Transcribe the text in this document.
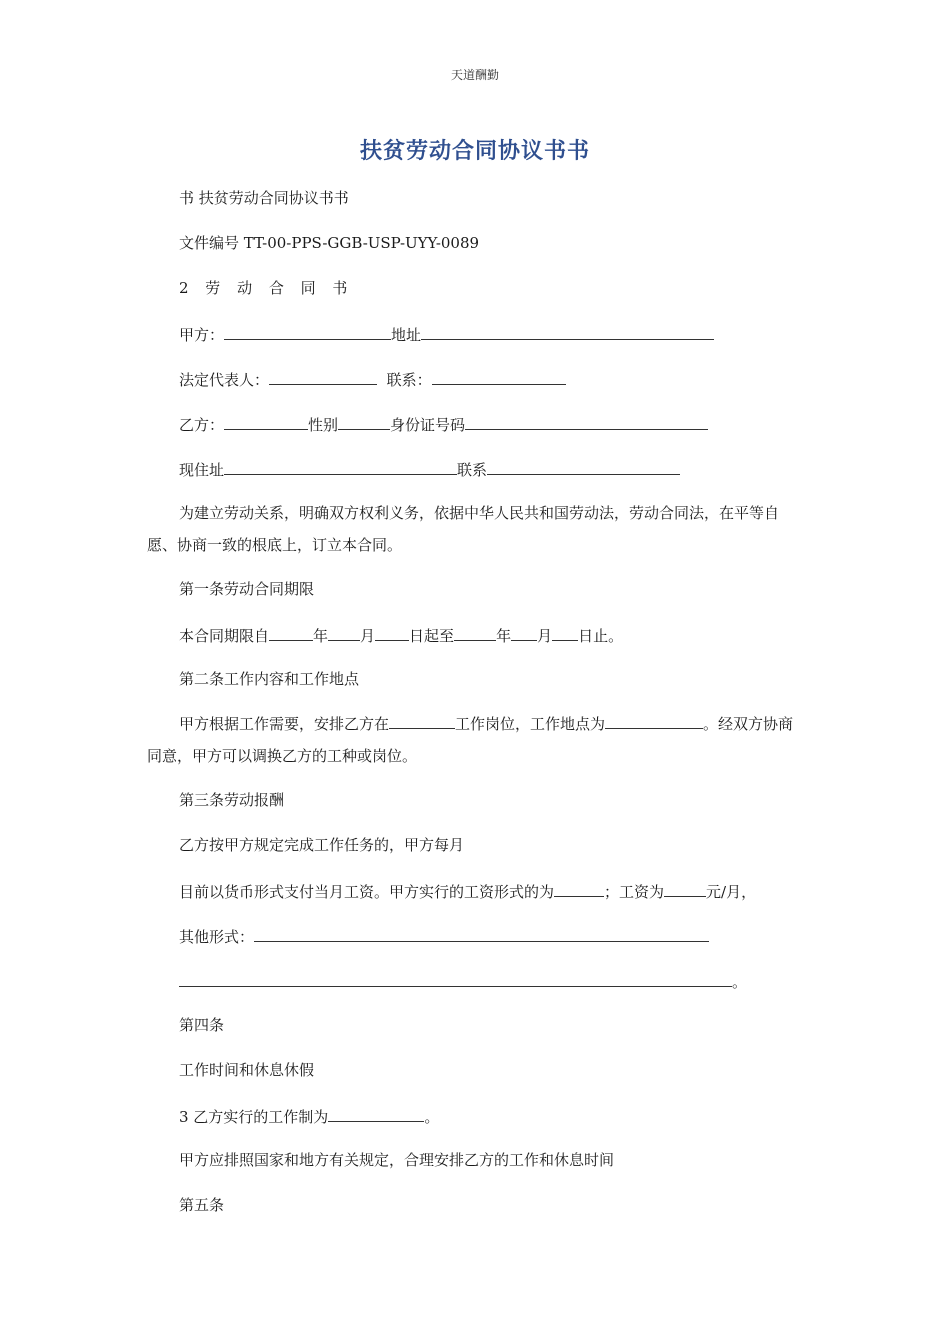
天道酬勤
扶贫劳动合同协议书书
书 扶贫劳动合同协议书书
文件编号 TT-00-PPS-GGB-USP-UYY-0089
2 劳 动 合 同 书
甲方：	地址
法定代表人：	联系：
乙方：	性别	身份证号码
现住址	联系
为建立劳动关系，明确双方权利义务，依据中华人民共和国劳动法，劳动合同法，在平等自愿、协商一致的根底上，订立本合同。
第一条劳动合同期限
本合同期限自	年 月 日起至	年 月 日止。
第二条工作内容和工作地点
甲方根据工作需要，安排乙方在	工作岗位，工作地点为	。经双方协商同意，甲方可以调换乙方的工种或岗位。
第三条劳动报酬
乙方按甲方规定完成工作任务的，甲方每月
目前以货币形式支付当月工资。甲方实行的工资形式的为	；工资为	元/月，
其他形式：
。
第四条
工作时间和休息休假
3 乙方实行的工作制为	。
甲方应排照国家和地方有关规定，合理安排乙方的工作和休息时间
第五条
